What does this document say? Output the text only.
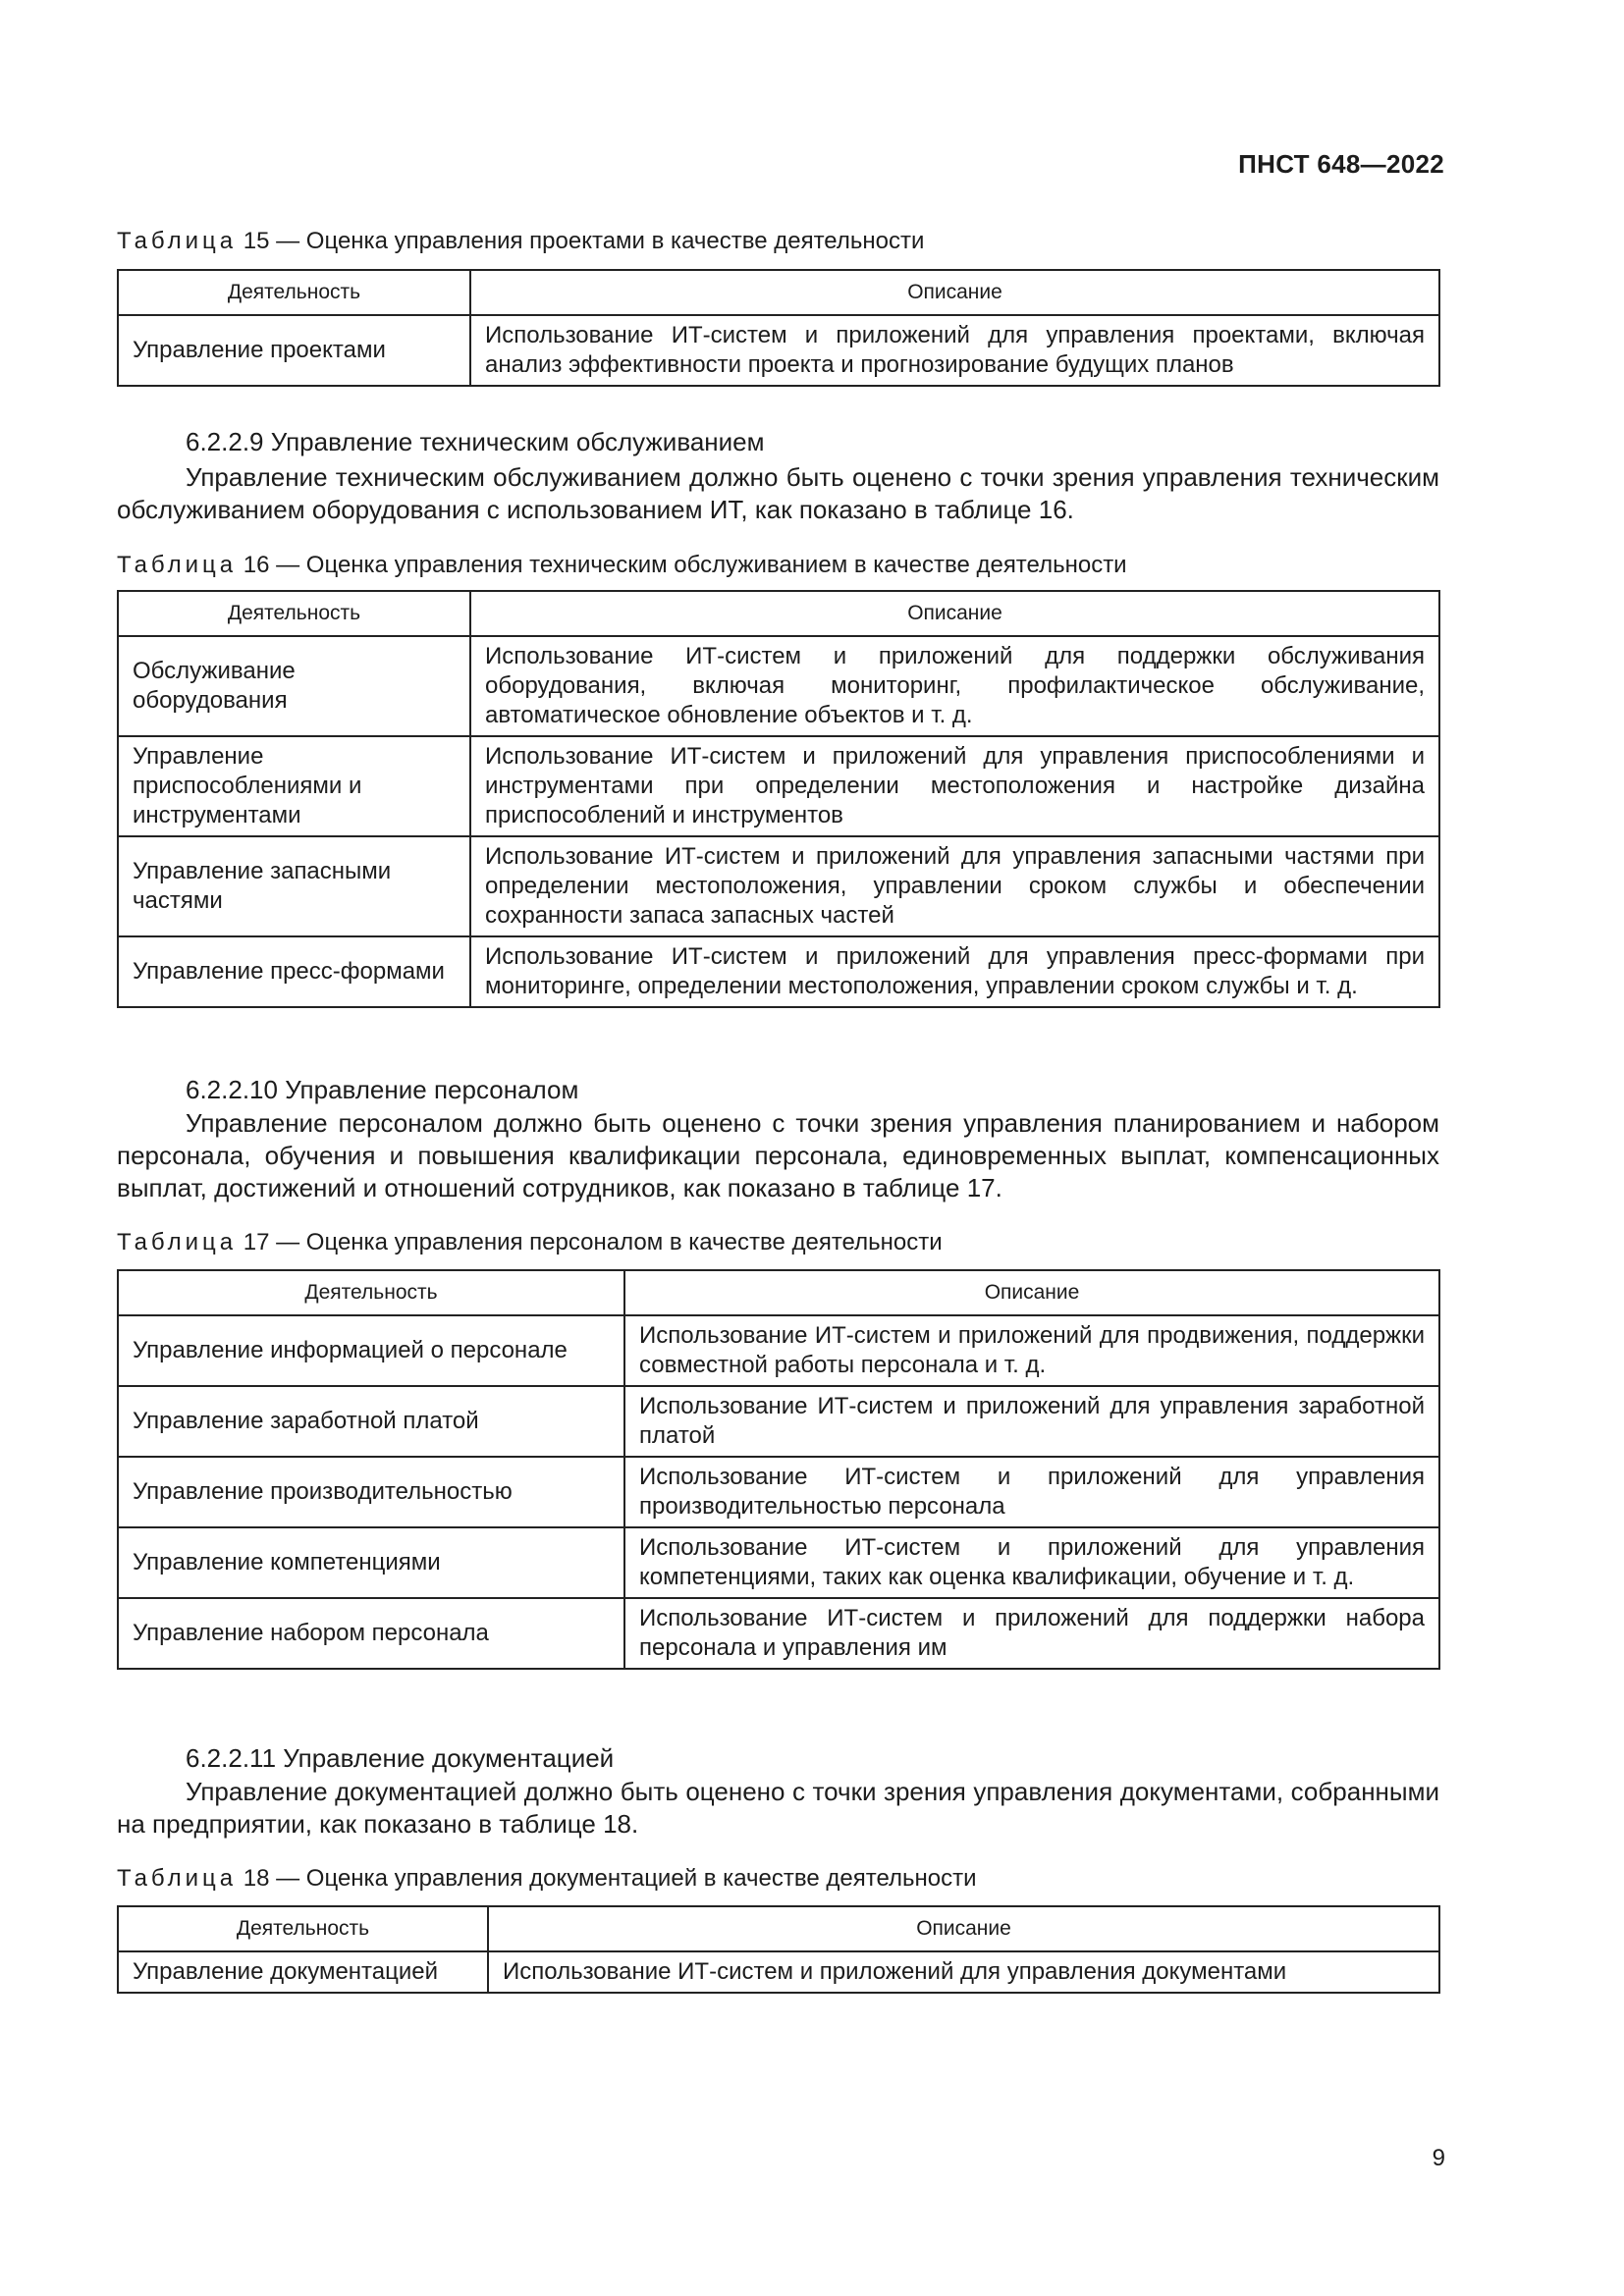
ПНСТ 648—2022
Таблица 15 — Оценка управления проектами в качестве деятельности
Деятельность	Описание
Управление проектами	Использование ИТ-систем и приложений для управления проектами, включая анализ эффективности проекта и прогнозирование будущих планов
6.2.2.9 Управление техническим обслуживанием
Управление техническим обслуживанием должно быть оценено с точки зрения управления техническим обслуживанием оборудования с использованием ИТ, как показано в таблице 16.
Таблица 16 — Оценка управления техническим обслуживанием в качестве деятельности
Деятельность	Описание
Обслуживание оборудования	Использование ИТ-систем и приложений для поддержки обслуживания оборудования, включая мониторинг, профилактическое обслуживание, автоматическое обновление объектов и т. д.
Управление приспособлениями и инструментами	Использование ИТ-систем и приложений для управления приспособлениями и инструментами при определении местоположения и настройке дизайна приспособлений и инструментов
Управление запасными частями	Использование ИТ-систем и приложений для управления запасными частями при определении местоположения, управлении сроком службы и обеспечении сохранности запаса запасных частей
Управление пресс-формами	Использование ИТ-систем и приложений для управления пресс-формами при мониторинге, определении местоположения, управлении сроком службы и т. д.
6.2.2.10 Управление персоналом
Управление персоналом должно быть оценено с точки зрения управления планированием и набором персонала, обучения и повышения квалификации персонала, единовременных выплат, компенсационных выплат, достижений и отношений сотрудников, как показано в таблице 17.
Таблица 17 — Оценка управления персоналом в качестве деятельности
Деятельность	Описание
Управление информацией о персонале	Использование ИТ-систем и приложений для продвижения, поддержки совместной работы персонала и т. д.
Управление заработной платой	Использование ИТ-систем и приложений для управления заработной платой
Управление производительностью	Использование ИТ-систем и приложений для управления производительностью персонала
Управление компетенциями	Использование ИТ-систем и приложений для управления компетенциями, таких как оценка квалификации, обучение и т. д.
Управление набором персонала	Использование ИТ-систем и приложений для поддержки набора персонала и управления им
6.2.2.11 Управление документацией
Управление документацией должно быть оценено с точки зрения управления документами, собранными на предприятии, как показано в таблице 18.
Таблица 18 — Оценка управления документацией в качестве деятельности
Деятельность	Описание
Управление документацией	Использование ИТ-систем и приложений для управления документами
9
